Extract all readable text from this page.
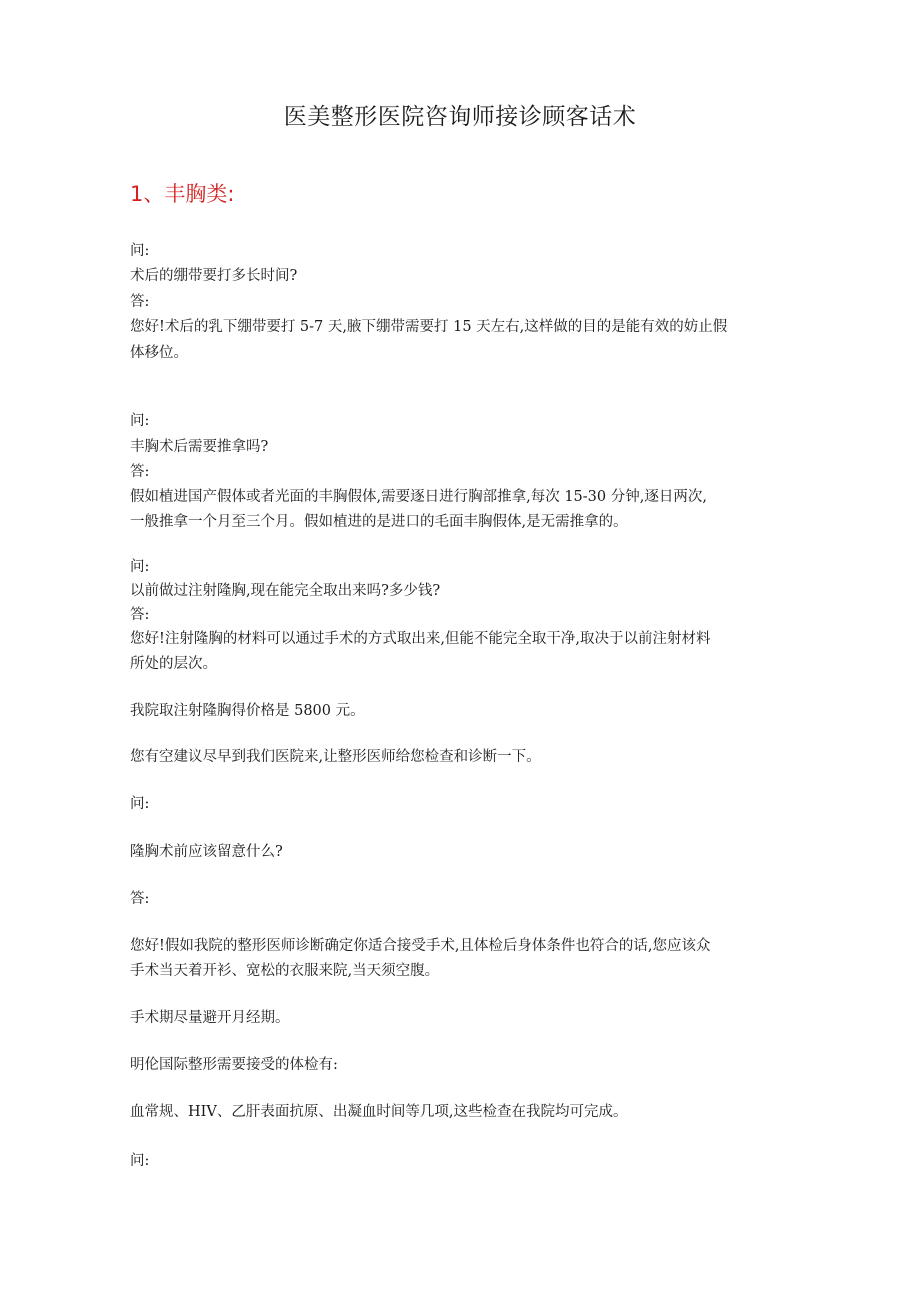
医美整形医院咨询师接诊顾客话术
1、丰胸类:
问:
术后的绷带要打多长时间?
答:
您好!术后的乳下绷带要打 5-7 天,腋下绷带需要打 15 天左右,这样做的目的是能有效的妨止假
体移位。
问:
丰胸术后需要推拿吗?
答:
假如植进国产假体或者光面的丰胸假体,需要逐日进行胸部推拿,每次 15-30 分钟,逐日两次,
一般推拿一个月至三个月。假如植进的是进口的毛面丰胸假体,是无需推拿的。
问:
以前做过注射隆胸,现在能完全取出来吗?多少钱?
答:
您好!注射隆胸的材料可以通过手术的方式取出来,但能不能完全取干净,取决于以前注射材料
所处的层次。
我院取注射隆胸得价格是 5800 元。
您有空建议尽早到我们医院来,让整形医师给您检查和诊断一下。
问:
隆胸术前应该留意什么?
答:
您好!假如我院的整形医师诊断确定你适合接受手术,且体检后身体条件也符合的话,您应该众
手术当天着开衫、宽松的衣服来院,当天须空腹。
手术期尽量避开月经期。
明伦国际整形需要接受的体检有:
血常规、HIV、乙肝表面抗原、出凝血时间等几项,这些检查在我院均可完成。
问:
